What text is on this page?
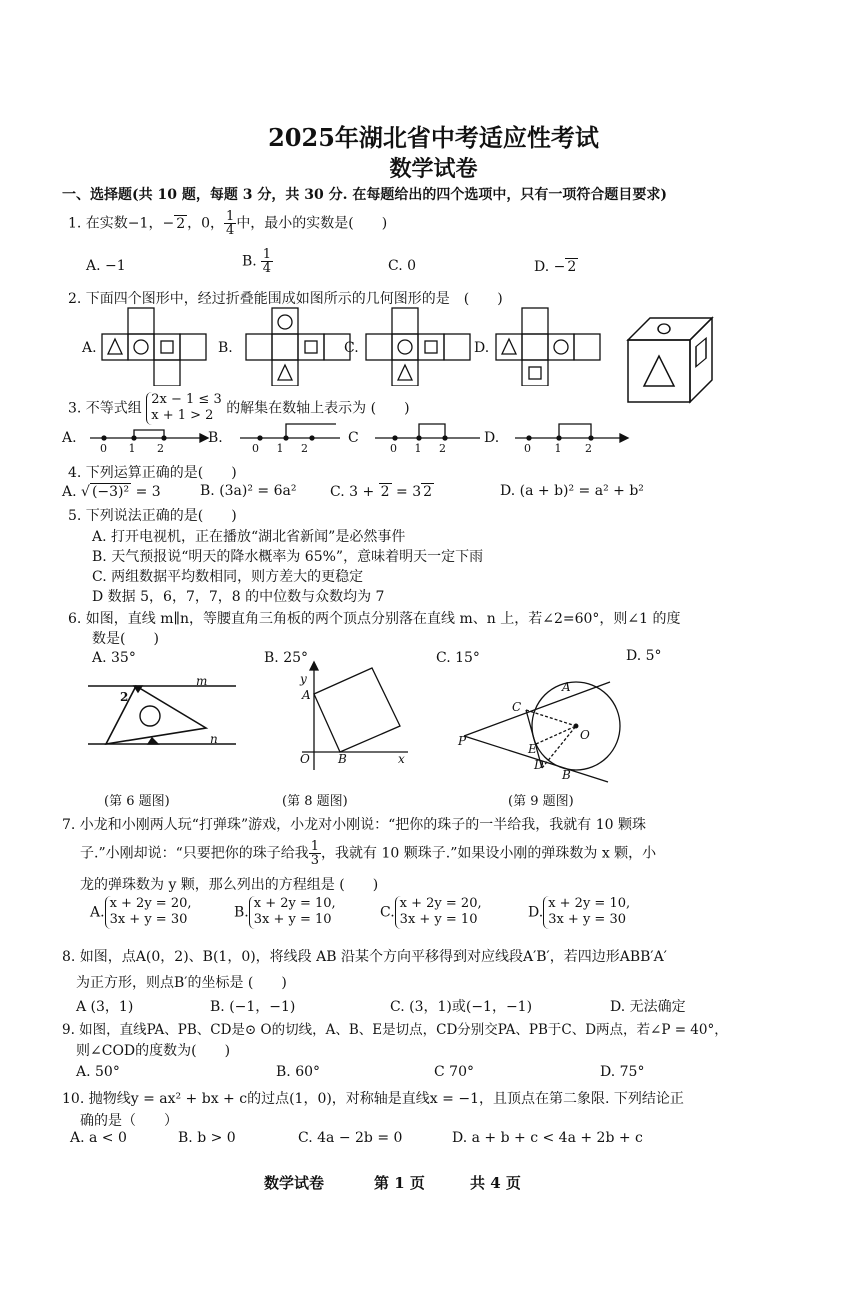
2025年湖北省中考适应性考试
数学试卷
一、选择题(共 10 题，每题 3 分，共 30 分. 在每题给出的四个选项中，只有一项符合题目要求)
1. 在实数−1，− 2 ，0， $\frac{1}{4}$ 中，最小的实数是(　　)
A. −1	B. $\frac{1}{4}$	C. 0	D. − 2
2. 下面四个图形中，经过折叠能围成如图所示的几何图形的是　(　　)
A.	B.	C.	D.
3. 不等式组
2x − 1 ≤ 3
x + 1 > 2 的解集在数轴上表示为 (　　)
A.	B.	C	D.
0 1 2	0 1 2	0 1 2	0 1 2
4. 下列运算正确的是(　　)
A. √ (−3)² = 3	B. (3a)² = 6a² C. 3 + 2 = 3 2	D. (a + b)² = a² + b²
5. 下列说法正确的是(　　)
A. 打开电视机，正在播放“湖北省新闻”是必然事件
B. 天气预报说“明天的降水概率为 65%”，意味着明天一定下雨
C. 两组数据平均数相同，则方差大的更稳定
D 数据 5，6，7，7，8 的中位数与众数均为 7
6. 如图，直线 m∥n，等腰直角三角板的两个顶点分别落在直线 m、n 上，若∠2=60°，则∠1 的度
数是(　　)
A. 35°	B. 25°	C. 15°	D. 5°
m
n
2
(第 6 题图)
y
A
O B	x
(第 8 题图)
A
C
P
E
O
D
B
(第 9 题图)
7. 小龙和小刚两人玩“打弹珠”游戏，小龙对小刚说：“把你的珠子的一半给我，我就有 10 颗珠
子.”小刚却说：“只要把你的珠子给我 $\frac{1}{3}$ ，我就有 10 颗珠子.”如果设小刚的弹珠数为 x 颗，小
龙的弹珠数为 y 颗，那么列出的方程组是 (　　)
A.
x + 2y = 20,
3x + y = 30	B.
x + 2y = 10,
3x + y = 10	C.
x + 2y = 20,
3x + y = 10	D.
x + 2y = 10,
3x + y = 30
8. 如图，点A(0，2)、B(1，0)，将线段 AB 沿某个方向平移得到对应线段A′B′，若四边形ABB′A′
为正方形，则点B′的坐标是 (　　)
A (3，1)	B. (−1，−1)	C. (3，1)或(−1，−1)	D. 无法确定
9. 如图，直线PA、PB、CD是⊙ O的切线，A、B、E是切点，CD分别交PA、PB于C、D两点，若∠P = 40°，
则∠COD的度数为(　　)
A. 50°	B. 60°	C 70°	D. 75°
10. 抛物线y = ax² + bx + c的过点(1，0)，对称轴是直线x = −1，且顶点在第二象限. 下列结论正
确的是（　　）
A. a < 0	B. b > 0	C. 4a − 2b = 0	D. a + b + c < 4a + 2b + c
数学试卷	第 1 页	共 4 页
